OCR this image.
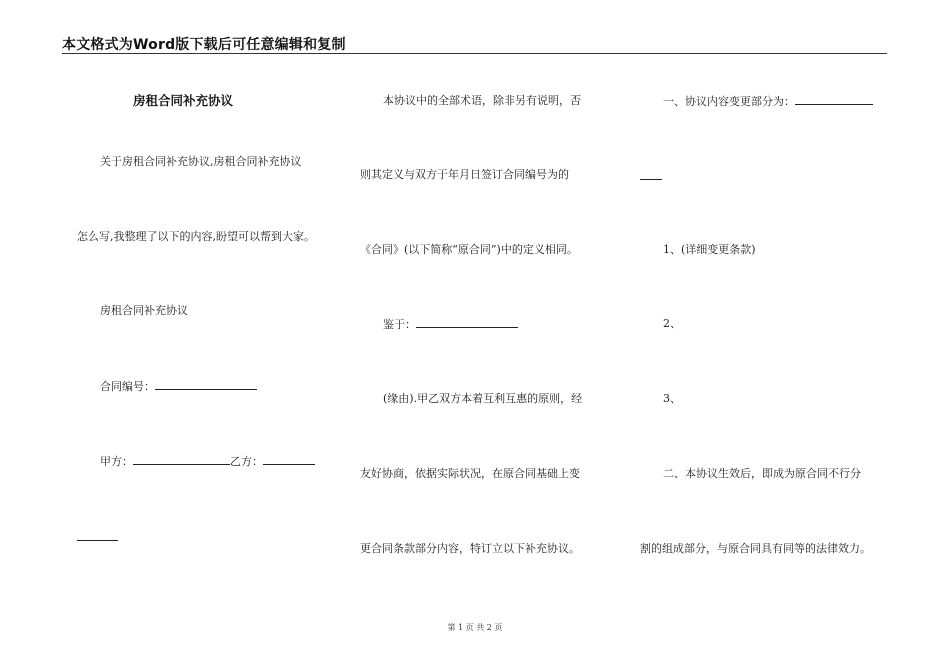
本文格式为Word版下载后可任意编辑和复制
房租合同补充协议
关于房租合同补充协议,房租合同补充协议
怎么写,我整理了以下的内容,盼望可以帮到大家。
房租合同补充协议
合同编号：
甲方：	乙方：
本协议中的全部术语，除非另有说明，否
则其定义与双方于年月日签订合同编号为的
《合同》(以下简称“原合同”)中的定义相同。
鉴于：
(缘由).甲乙双方本着互利互惠的原则，经
友好协商，依据实际状况，在原合同基础上变
更合同条款部分内容，特订立以下补充协议。
一、协议内容变更部分为：
1、(详细变更条款)
2、
3、
二、本协议生效后，即成为原合同不行分
割的组成部分，与原合同具有同等的法律效力。
第 1 页 共 2 页
